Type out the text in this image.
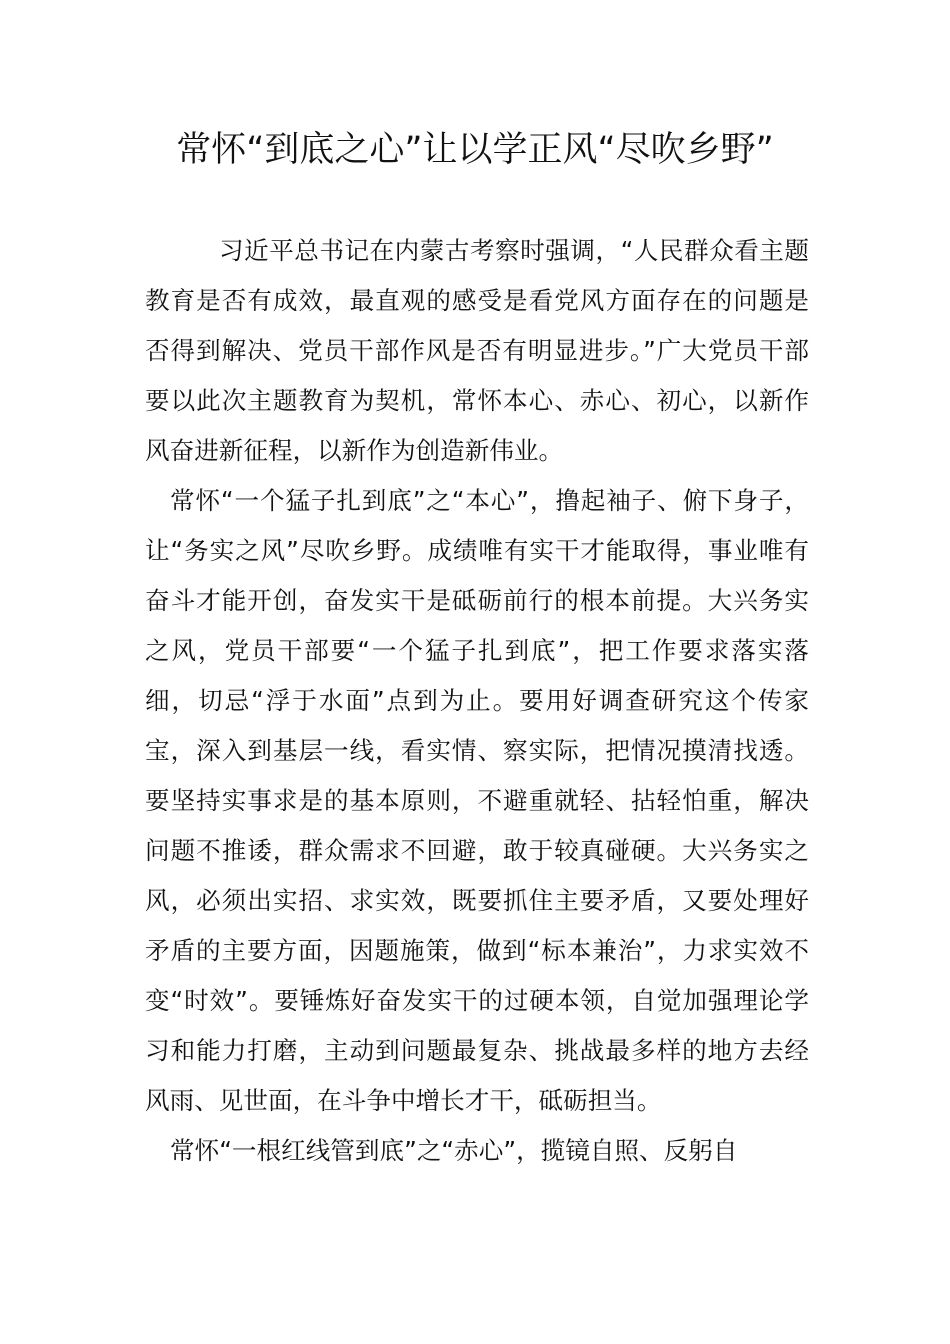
常怀“到底之心”让以学正风“尽吹乡野”

习近平总书记在内蒙古考察时强调，“人民群众看主题教育是否有成效，最直观的感受是看党风方面存在的问题是否得到解决、党员干部作风是否有明显进步。”广大党员干部要以此次主题教育为契机，常怀本心、赤心、初心，以新作风奋进新征程，以新作为创造新伟业。

常怀“一个猛子扎到底”之“本心”，撸起袖子、俯下身子，让“务实之风”尽吹乡野。成绩唯有实干才能取得，事业唯有奋斗才能开创，奋发实干是砥砺前行的根本前提。大兴务实之风，党员干部要“一个猛子扎到底”，把工作要求落实落细，切忌“浮于水面”点到为止。要用好调查研究这个传家宝，深入到基层一线，看实情、察实际，把情况摸清找透。要坚持实事求是的基本原则，不避重就轻、拈轻怕重，解决问题不推诿，群众需求不回避，敢于较真碰硬。大兴务实之风，必须出实招、求实效，既要抓住主要矛盾，又要处理好矛盾的主要方面，因题施策，做到“标本兼治”，力求实效不变“时效”。要锤炼好奋发实干的过硬本领，自觉加强理论学习和能力打磨，主动到问题最复杂、挑战最多样的地方去经风雨、见世面，在斗争中增长才干，砥砺担当。

常怀“一根红线管到底”之“赤心”，揽镜自照、反躬自
